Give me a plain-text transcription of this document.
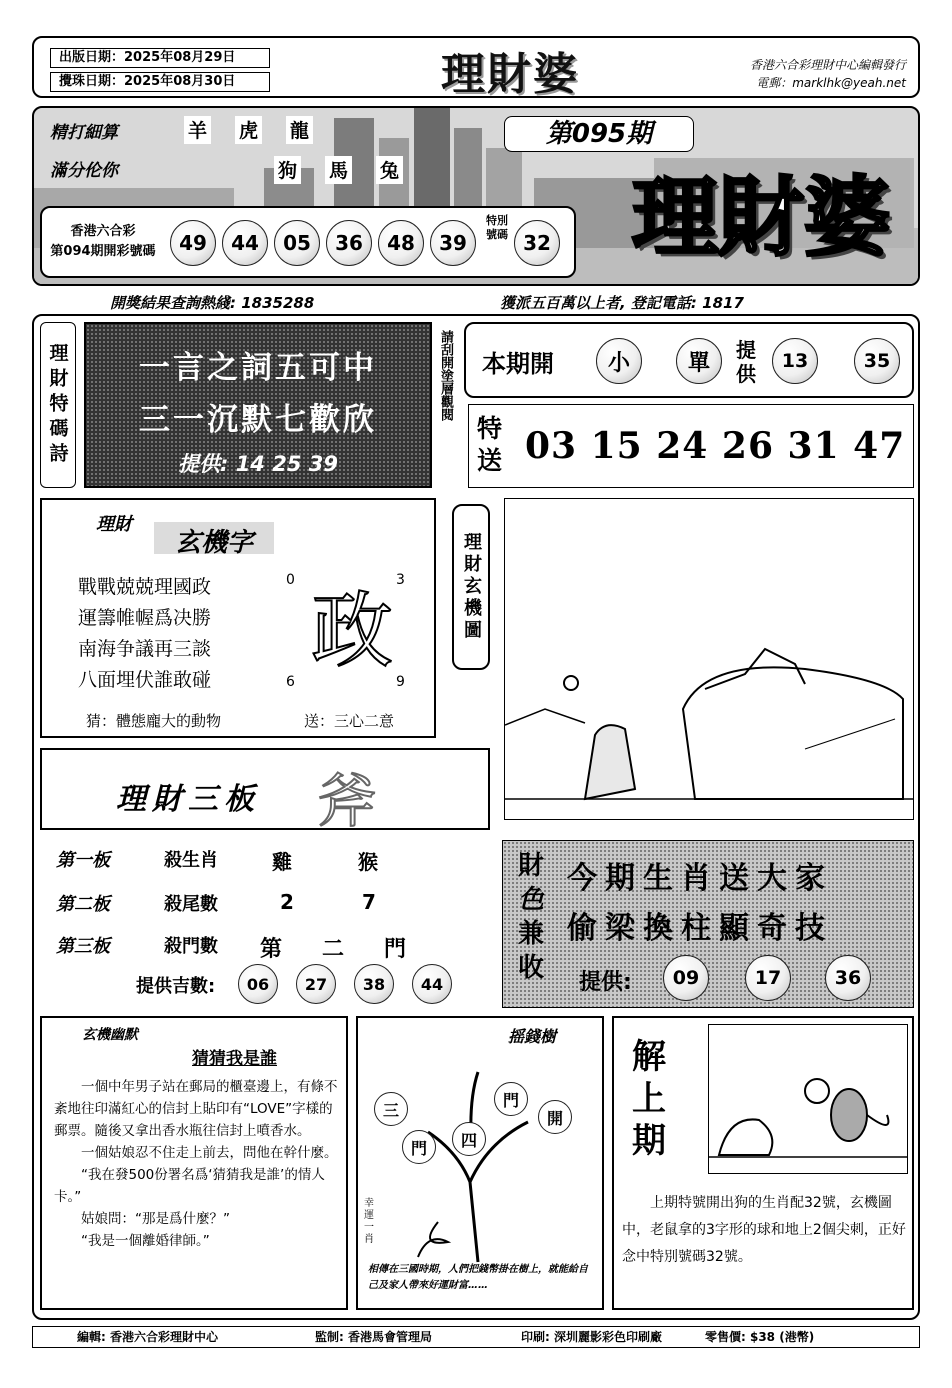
出版日期：2025年08月29日
攪珠日期：2025年08月30日	理財婆	香港六合彩理財中心編輯發行
電郵：marklhk@yeah.net
精打細算
滿分伦你
羊 虎 龍
狗 馬 兔
第095期
理財婆
香港六合彩
第094期開彩號碼	49	44	05	36	48	39
特別號碼 32
開獎結果查詢熱綫: 1835288	獲派五百萬以上者, 登記電話: 1817
理財特碼詩	一言之詞五可中
三一沉默七歡欣
提供: 14 25 39
請刮開塗層觀閱 本期開	小	單
提供
13	35
特送 03 15 24 26 31 47
理財
玄機字
戰戰兢兢理國政
運籌帷幄爲决勝
南海争議再三談
八面埋伏誰敢碰
政
0	3
6	9
猜：體態龐大的動物	送：三心二意
理財玄機圖
理財三板	斧
第一板	殺生肖	雞	猴
第二板	殺尾數	2	7
第三板	殺門數 第 二 門
提供吉數:	06	27	38	44
財
色
兼收
今期生肖送大家
偷梁換柱顯奇技
提供:	09	17	36
玄機幽默
猜猜我是誰
一個中年男子站在郵局的櫃臺邊上，有條不紊地往印滿紅心的信封上貼印有“LOVE”字樣的郵票。隨後又拿出香水瓶往信封上噴香水。
一個姑娘忍不住走上前去，問他在幹什麼。
“我在發500份署名爲‘猜猜我是誰’的情人卡。”
姑娘問：“那是爲什麼？”
“我是一個離婚律師。”
摇錢樹
三
門
開
門	四
幸運一肖
相傳在三國時期，人們把錢幣掛在樹上，就能給自己及家人帶來好運財富……
解上期
上期特號開出狗的生肖配32號，玄機圖中，老鼠拿的3字形的球和地上2個尖刺，正好念中特別號碼32號。
編輯: 香港六合彩理財中心	監制: 香港馬會管理局	印刷: 深圳麗影彩色印刷廠	零售價: $38 (港幣)
